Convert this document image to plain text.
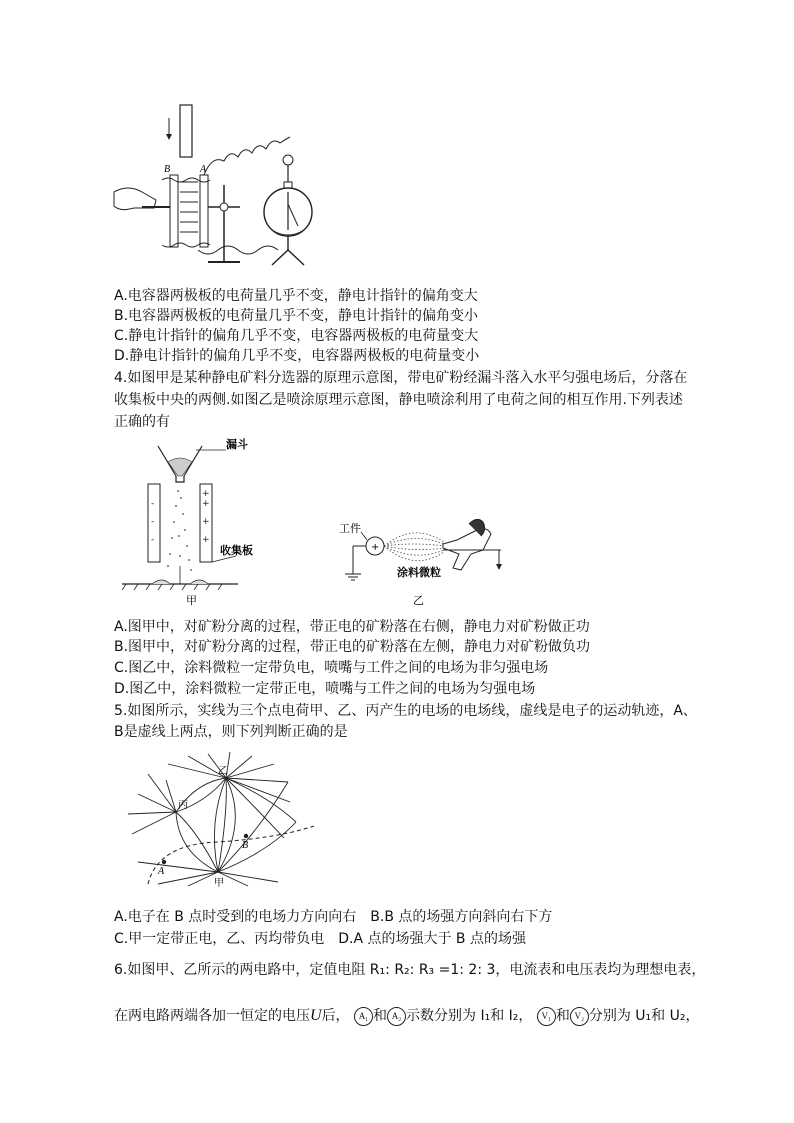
B	A
A.电容器两极板的电荷量几乎不变，静电计指针的偏角变大
B.电容器两极板的电荷量几乎不变，静电计指针的偏角变小
C.静电计指针的偏角几乎不变，电容器两极板的电荷量变大
D.静电计指针的偏角几乎不变，电容器两极板的电荷量变小
4.如图甲是某种静电矿料分选器的原理示意图，带电矿粉经漏斗落入水平匀强电场后，分落在
收集板中央的两侧.如图乙是喷涂原理示意图，静电喷涂利用了电荷之间的相互作用.下列表述
正确的有
漏斗
-
-
-
+
+
+
+
收集板
甲
工件
+
涂料微粒
乙
A.图甲中，对矿粉分离的过程，带正电的矿粉落在右侧，静电力对矿粉做正功
B.图甲中，对矿粉分离的过程，带正电的矿粉落在左侧，静电力对矿粉做负功
C.图乙中，涂料微粒一定带负电，喷嘴与工件之间的电场为非匀强电场
D.图乙中，涂料微粒一定带正电，喷嘴与工件之间的电场为匀强电场
5.如图所示，实线为三个点电荷甲、乙、丙产生的电场的电场线，虚线是电子的运动轨迹，A、
B是虚线上两点，则下列判断正确的是
A
B
乙
丙
甲
A.电子在 B 点时受到的电场力方向向右　B.B 点的场强方向斜向右下方
C.甲一定带正电，乙、丙均带负电　D.A 点的场强大于 B 点的场强
6.如图甲、乙所示的两电路中，定值电阻 R₁: R₂: R₃ =1: 2: 3，电流表和电压表均为理想电表，
在两电路两端各加一恒定的电压U后， A₁ 和 A₂ 示数分别为 I₁和 I₂， V₁ 和 V₂ 分别为 U₁和 U₂，
